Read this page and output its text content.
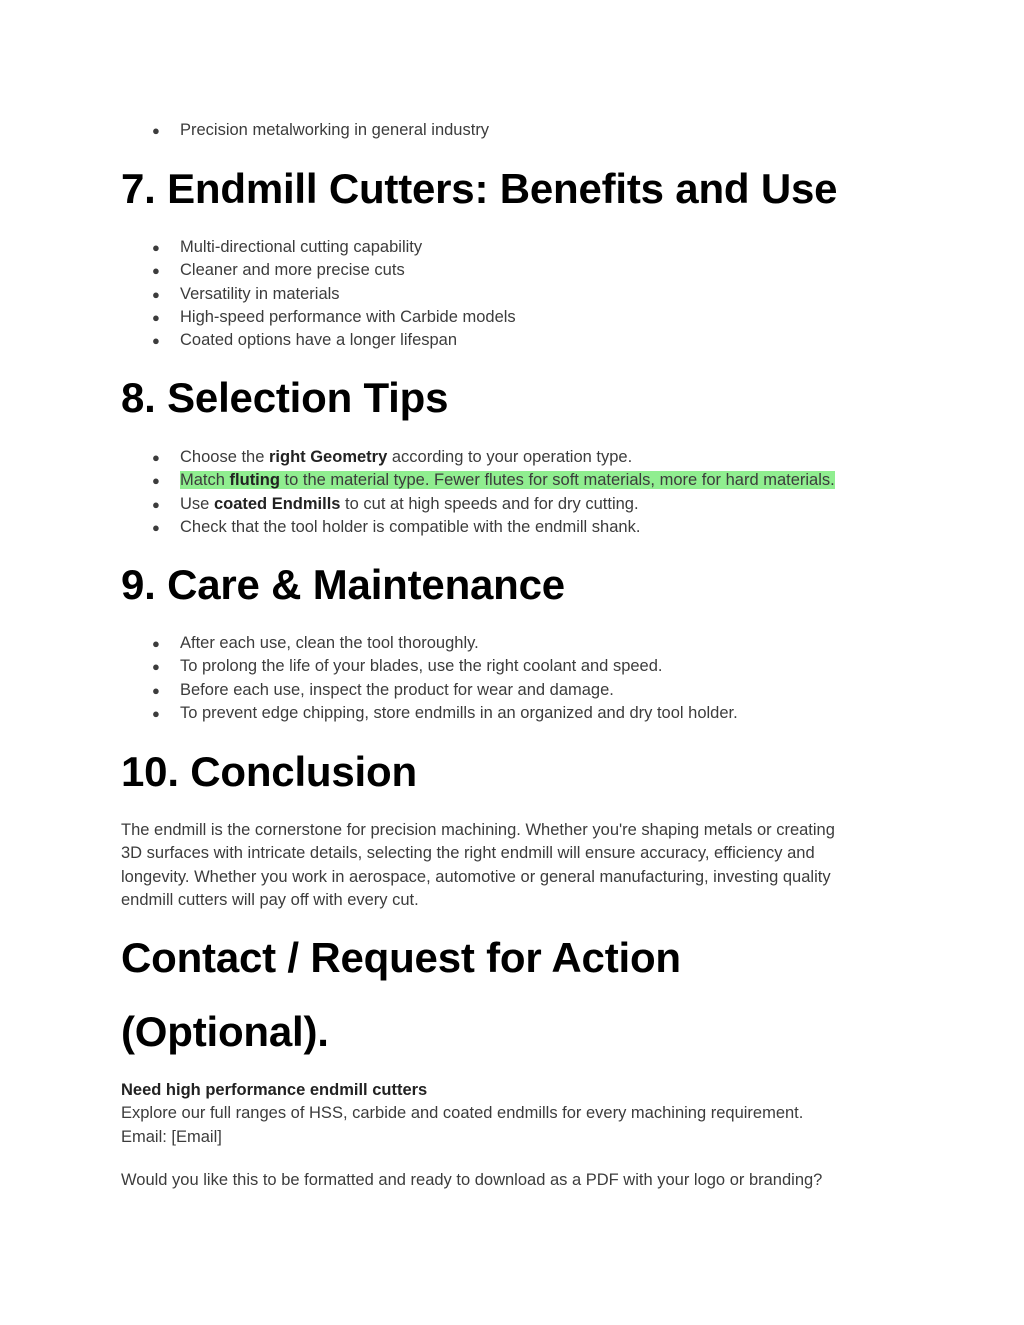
● Precision metalworking in general industry
7. Endmill Cutters: Benefits and Use
● Multi-directional cutting capability
● Cleaner and more precise cuts
● Versatility in materials
● High-speed performance with Carbide models
● Coated options have a longer lifespan
8. Selection Tips
● Choose the right Geometry according to your operation type.
● Match fluting to the material type. Fewer flutes for soft materials, more for hard materials.
● Use coated Endmills to cut at high speeds and for dry cutting.
● Check that the tool holder is compatible with the endmill shank.
9. Care & Maintenance
● After each use, clean the tool thoroughly.
● To prolong the life of your blades, use the right coolant and speed.
● Before each use, inspect the product for wear and damage.
● To prevent edge chipping, store endmills in an organized and dry tool holder.
10. Conclusion

The endmill is the cornerstone for precision machining. Whether you're shaping metals or creating
3D surfaces with intricate details, selecting the right endmill will ensure accuracy, efficiency and
longevity. Whether you work in aerospace, automotive or general manufacturing, investing quality
endmill cutters will pay off with every cut.

Contact / Request for Action
(Optional).

Need high performance endmill cutters
Explore our full ranges of HSS, carbide and coated endmills for every machining requirement.
Email: [Email]

Would you like this to be formatted and ready to download as a PDF with your logo or branding?
